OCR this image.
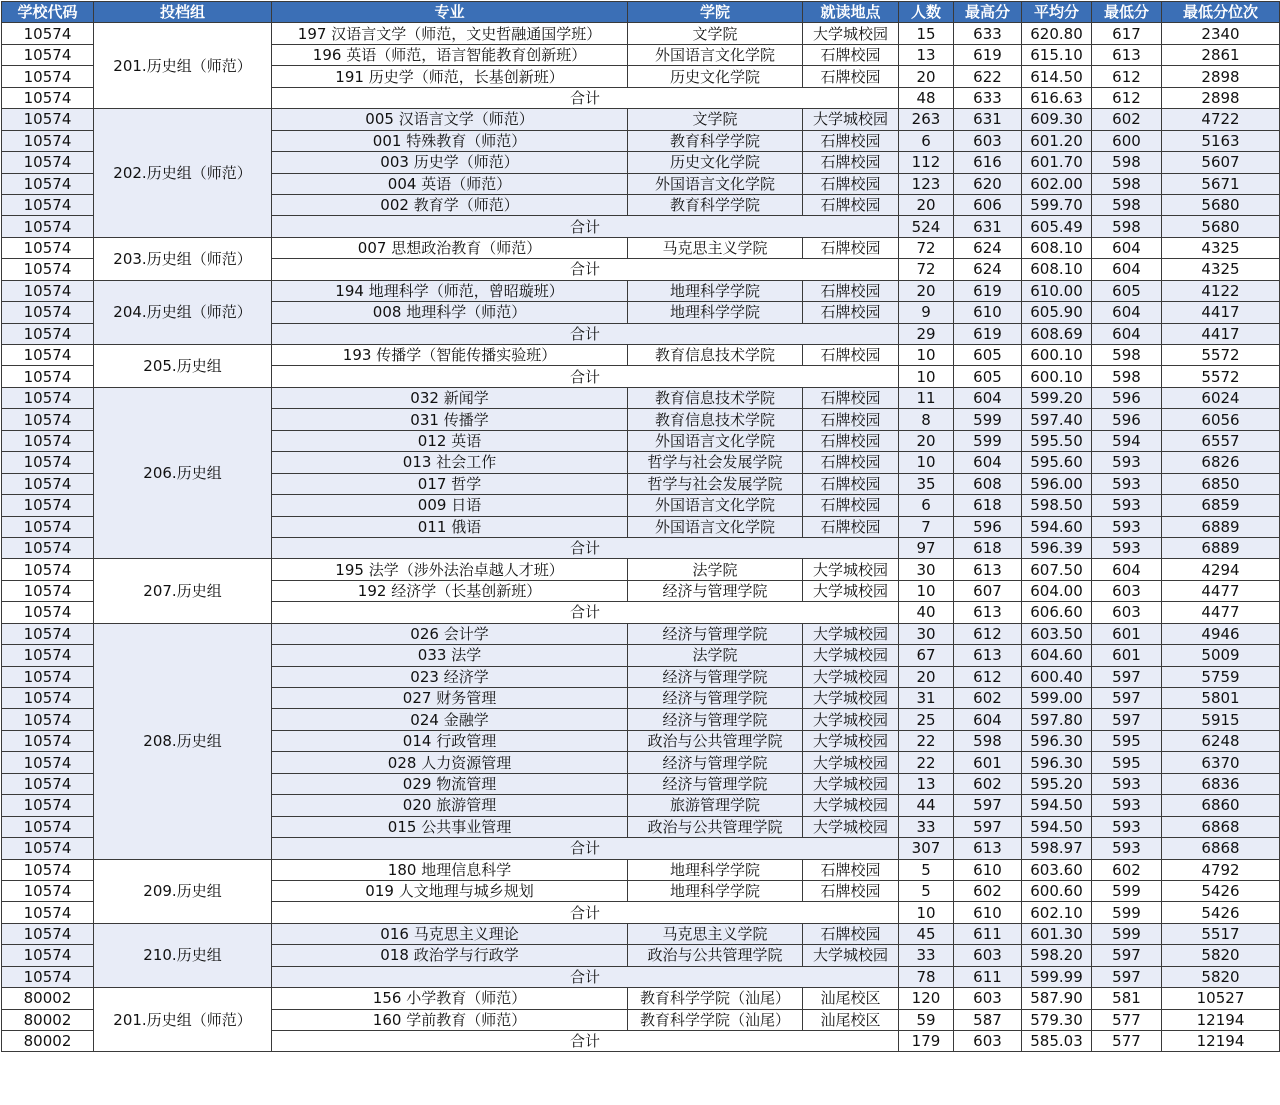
学校代码	投档组	专业	学院	就读地点	人数	最高分	平均分	最低分	最低分位次
10574	201.历史组（师范）	197 汉语言文学（师范，文史哲融通国学班）	文学院	大学城校园	15	633	620.80	617	2340
10574		196 英语（师范，语言智能教育创新班）	外国语言文化学院	石牌校园	13	619	615.10	613	2861
10574		191 历史学（师范，长基创新班）	历史文化学院	石牌校园	20	622	614.50	612	2898
10574		合计			48	633	616.63	612	2898
10574	202.历史组（师范）	005 汉语言文学（师范）	文学院	大学城校园	263	631	609.30	602	4722
10574		001 特殊教育（师范）	教育科学学院	石牌校园	6	603	601.20	600	5163
10574		003 历史学（师范）	历史文化学院	石牌校园	112	616	601.70	598	5607
10574		004 英语（师范）	外国语言文化学院	石牌校园	123	620	602.00	598	5671
10574		002 教育学（师范）	教育科学学院	石牌校园	20	606	599.70	598	5680
10574		合计			524	631	605.49	598	5680
10574	203.历史组（师范）	007 思想政治教育（师范）	马克思主义学院	石牌校园	72	624	608.10	604	4325
10574		合计			72	624	608.10	604	4325
10574	204.历史组（师范）	194 地理科学（师范，曾昭璇班）	地理科学学院	石牌校园	20	619	610.00	605	4122
10574		008 地理科学（师范）	地理科学学院	石牌校园	9	610	605.90	604	4417
10574		合计			29	619	608.69	604	4417
10574	205.历史组	193 传播学（智能传播实验班）	教育信息技术学院	石牌校园	10	605	600.10	598	5572
10574		合计			10	605	600.10	598	5572
10574	206.历史组	032 新闻学	教育信息技术学院	石牌校园	11	604	599.20	596	6024
10574		031 传播学	教育信息技术学院	石牌校园	8	599	597.40	596	6056
10574		012 英语	外国语言文化学院	石牌校园	20	599	595.50	594	6557
10574		013 社会工作	哲学与社会发展学院	石牌校园	10	604	595.60	593	6826
10574		017 哲学	哲学与社会发展学院	石牌校园	35	608	596.00	593	6850
10574		009 日语	外国语言文化学院	石牌校园	6	618	598.50	593	6859
10574		011 俄语	外国语言文化学院	石牌校园	7	596	594.60	593	6889
10574		合计			97	618	596.39	593	6889
10574	207.历史组	195 法学（涉外法治卓越人才班）	法学院	大学城校园	30	613	607.50	604	4294
10574		192 经济学（长基创新班）	经济与管理学院	大学城校园	10	607	604.00	603	4477
10574		合计			40	613	606.60	603	4477
10574	208.历史组	026 会计学	经济与管理学院	大学城校园	30	612	603.50	601	4946
10574		033 法学	法学院	大学城校园	67	613	604.60	601	5009
10574		023 经济学	经济与管理学院	大学城校园	20	612	600.40	597	5759
10574		027 财务管理	经济与管理学院	大学城校园	31	602	599.00	597	5801
10574		024 金融学	经济与管理学院	大学城校园	25	604	597.80	597	5915
10574		014 行政管理	政治与公共管理学院	大学城校园	22	598	596.30	595	6248
10574		028 人力资源管理	经济与管理学院	大学城校园	22	601	596.30	595	6370
10574		029 物流管理	经济与管理学院	大学城校园	13	602	595.20	593	6836
10574		020 旅游管理	旅游管理学院	大学城校园	44	597	594.50	593	6860
10574		015 公共事业管理	政治与公共管理学院	大学城校园	33	597	594.50	593	6868
10574		合计			307	613	598.97	593	6868
10574	209.历史组	180 地理信息科学	地理科学学院	石牌校园	5	610	603.60	602	4792
10574		019 人文地理与城乡规划	地理科学学院	石牌校园	5	602	600.60	599	5426
10574		合计			10	610	602.10	599	5426
10574	210.历史组	016 马克思主义理论	马克思主义学院	石牌校园	45	611	601.30	599	5517
10574		018 政治学与行政学	政治与公共管理学院	大学城校园	33	603	598.20	597	5820
10574		合计			78	611	599.99	597	5820
80002	201.历史组（师范）	156 小学教育（师范）	教育科学学院（汕尾）	汕尾校区	120	603	587.90	581	10527
80002		160 学前教育（师范）	教育科学学院（汕尾）	汕尾校区	59	587	579.30	577	12194
80002		合计			179	603	585.03	577	12194
